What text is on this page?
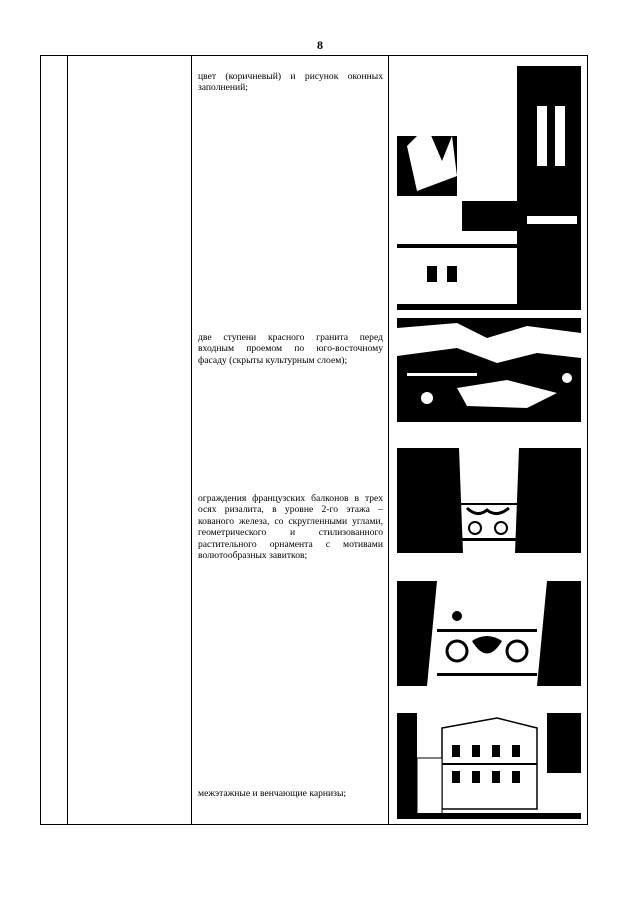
8
цвет (коричневый) и рисунок оконных заполнений;
две ступени красного гранита перед входным проемом по юго-восточному фасаду (скрыты культурным слоем);
ограждения французских балконов в трех осях ризалита, в уровне 2-го этажа – кованого железа, со скругленными углами, геометрического и стилизованного растительного орнамента с мотивами волютообразных завитков;
межэтажные и венчающие карнизы;
